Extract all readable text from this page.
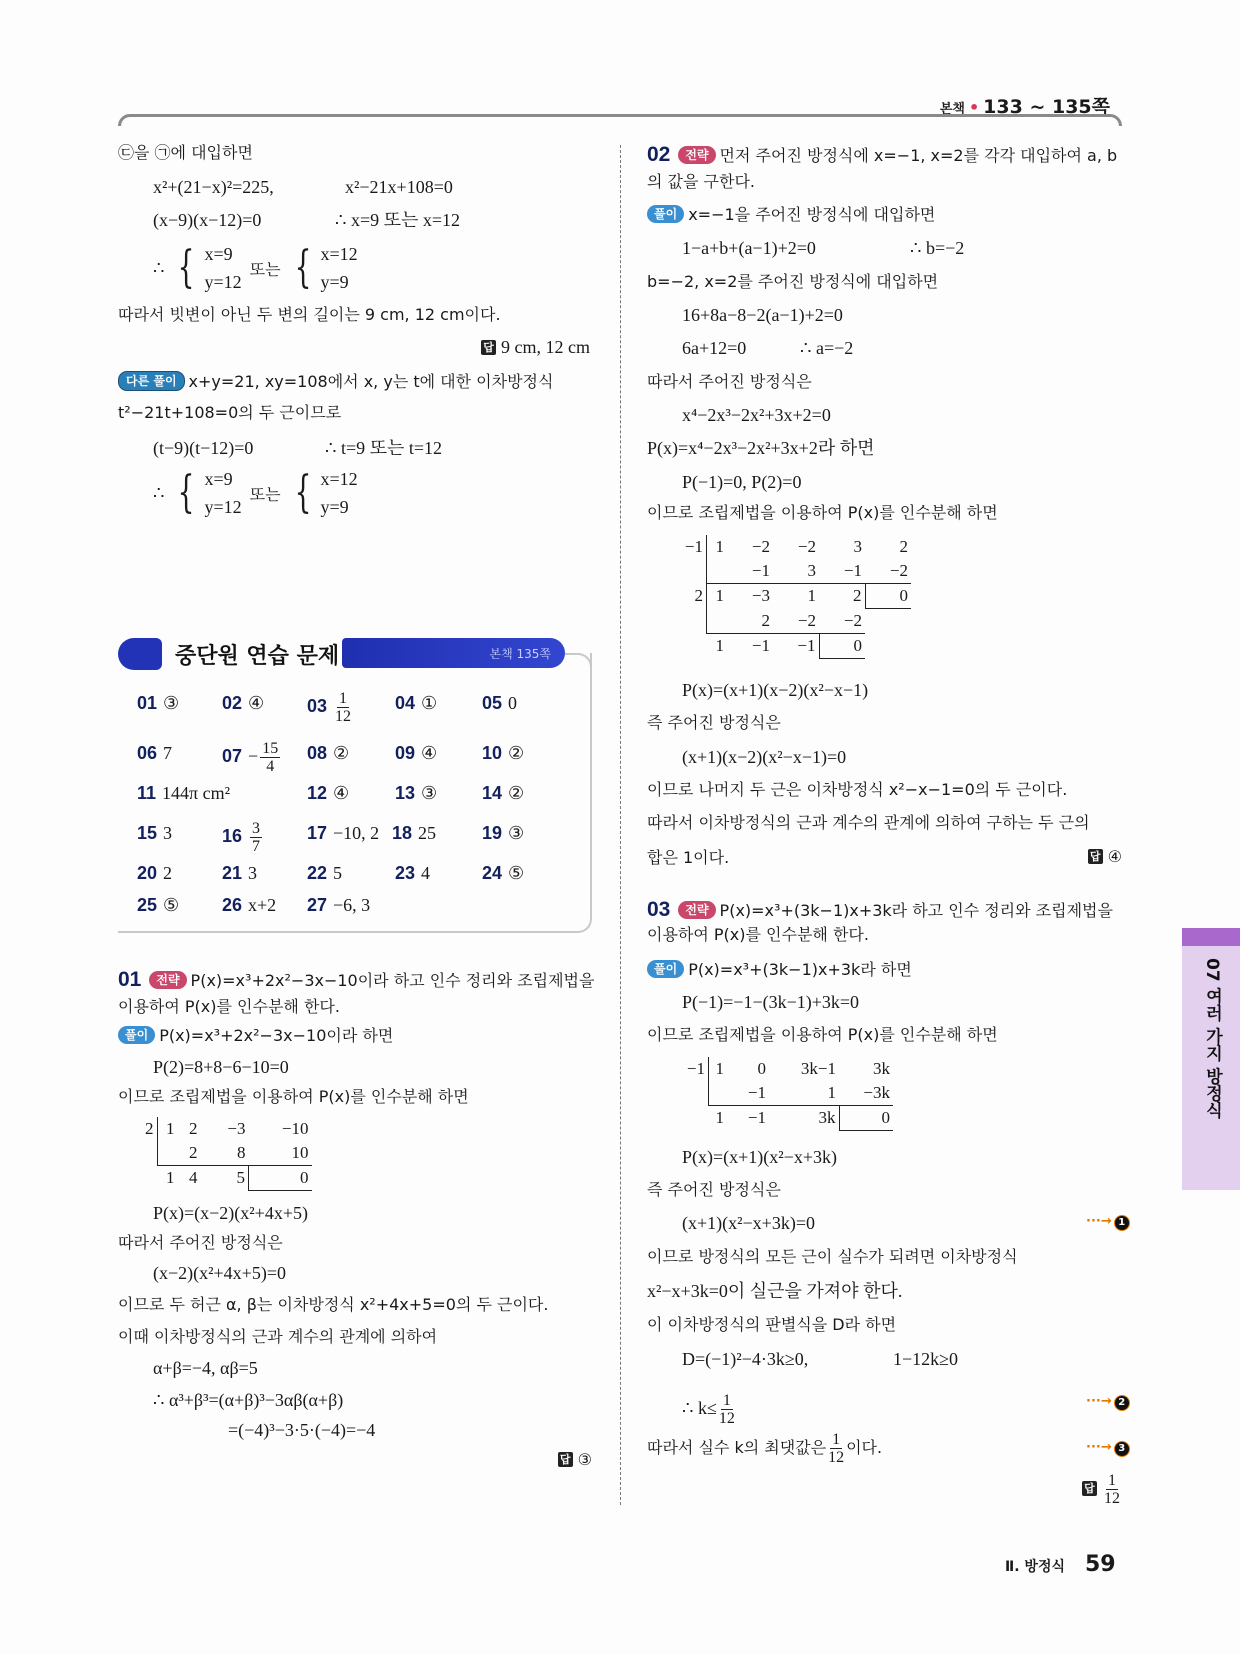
본책 • 133 ~ 135쪽
㉢을 ㉠에 대입하면
x²+(21−x)²=225,	x²−21x+108=0
(x−9)(x−12)=0	∴ x=9 또는 x=12
∴ { x=9
y=12
또는 { x=12
y=9
따라서 빗변이 아닌 두 변의 길이는 9 cm, 12 cm이다.
답 9 cm, 12 cm
다른 풀이 x+y=21, xy=108에서 x, y는 t에 대한 이차방정식
t²−21t+108=0의 두 근이므로
(t−9)(t−12)=0	∴ t=9 또는 t=12
∴ { x=9
y=12
또는 { x=12
y=9
중단원 연습 문제	본책 135쪽
01 ③ 02 ④ $03 \frac{1}{12} 04$ ① 05 0
06 7	$07 - \frac{15}{4} 08$ ②	09 ④ 10 ②
11 144π cm²	12 ④	13 ③ 14 ②
15 3	$16 \frac{3}{7} 17 -10$, 2 18 25	19 ③
20 2	21 3	22 5	23 4	24 ⑤
25 ⑤ 26 x+2 27 −6, 3
01 전략 P(x)=x³+2x²−3x−10이라 하고 인수 정리와 조립제법을
이용하여 P(x)를 인수분해 한다.
풀이 P(x)=x³+2x²−3x−10이라 하면
P(2)=8+8−6−10=0
이므로 조립제법을 이용하여 P(x)를 인수분해 하면
2	1	2	−3	−10
		2	8	10
	1	4	5	0
P(x)=(x−2)(x²+4x+5)
따라서 주어진 방정식은
(x−2)(x²+4x+5)=0
이므로 두 허근 α, β는 이차방정식 x²+4x+5=0의 두 근이다.
이때 이차방정식의 근과 계수의 관계에 의하여
α+β=−4, αβ=5
∴ α³+β³=(α+β)³−3αβ(α+β)
=(−4)³−3·5·(−4)=−4
답 ③
02 전략 먼저 주어진 방정식에 x=−1, x=2를 각각 대입하여 a, b
의 값을 구한다.
풀이 x=−1을 주어진 방정식에 대입하면
1−a+b+(a−1)+2=0	∴ b=−2
b=−2, x=2를 주어진 방정식에 대입하면
16+8a−8−2(a−1)+2=0
6a+12=0	∴ a=−2
따라서 주어진 방정식은
x⁴−2x³−2x²+3x+2=0
P(x)=x⁴−2x³−2x²+3x+2라 하면
P(−1)=0, P(2)=0
이므로 조립제법을 이용하여 P(x)를 인수분해 하면
−1	1	−2	−2	3	2
		−1	3	−1	−2
2	1	−3	1	2	0
		2	−2	−2	
	1	−1	−1	0	
P(x)=(x+1)(x−2)(x²−x−1)
즉 주어진 방정식은
(x+1)(x−2)(x²−x−1)=0
이므로 나머지 두 근은 이차방정식 x²−x−1=0의 두 근이다.
따라서 이차방정식의 근과 계수의 관계에 의하여 구하는 두 근의
합은 1이다.	답 ④
03 전략 P(x)=x³+(3k−1)x+3k라 하고 인수 정리와 조립제법을
이용하여 P(x)를 인수분해 한다.
풀이 P(x)=x³+(3k−1)x+3k라 하면
P(−1)=−1−(3k−1)+3k=0
이므로 조립제법을 이용하여 P(x)를 인수분해 하면
−1	1	0	3k−1	3k
		−1	1	−3k
	1	−1	3k	0
P(x)=(x+1)(x²−x+3k)
즉 주어진 방정식은
(x+1)(x²−x+3k)=0	···→ 1
이므로 방정식의 모든 근이 실수가 되려면 이차방정식
x²−x+3k=0이 실근을 가져야 한다.
이 이차방정식의 판별식을 D라 하면
D=(−1)²−4·3k≥0,	1−12k≥0
∴ $k\le \frac{1}{12}$	···→ 2
따라서 실수 k의 최댓값은 $\frac{1}{12}$ 이다.	···→ 3
답 $\frac{1}{12}$
07 여러 가지 방정식
Ⅱ. 방정식 59
